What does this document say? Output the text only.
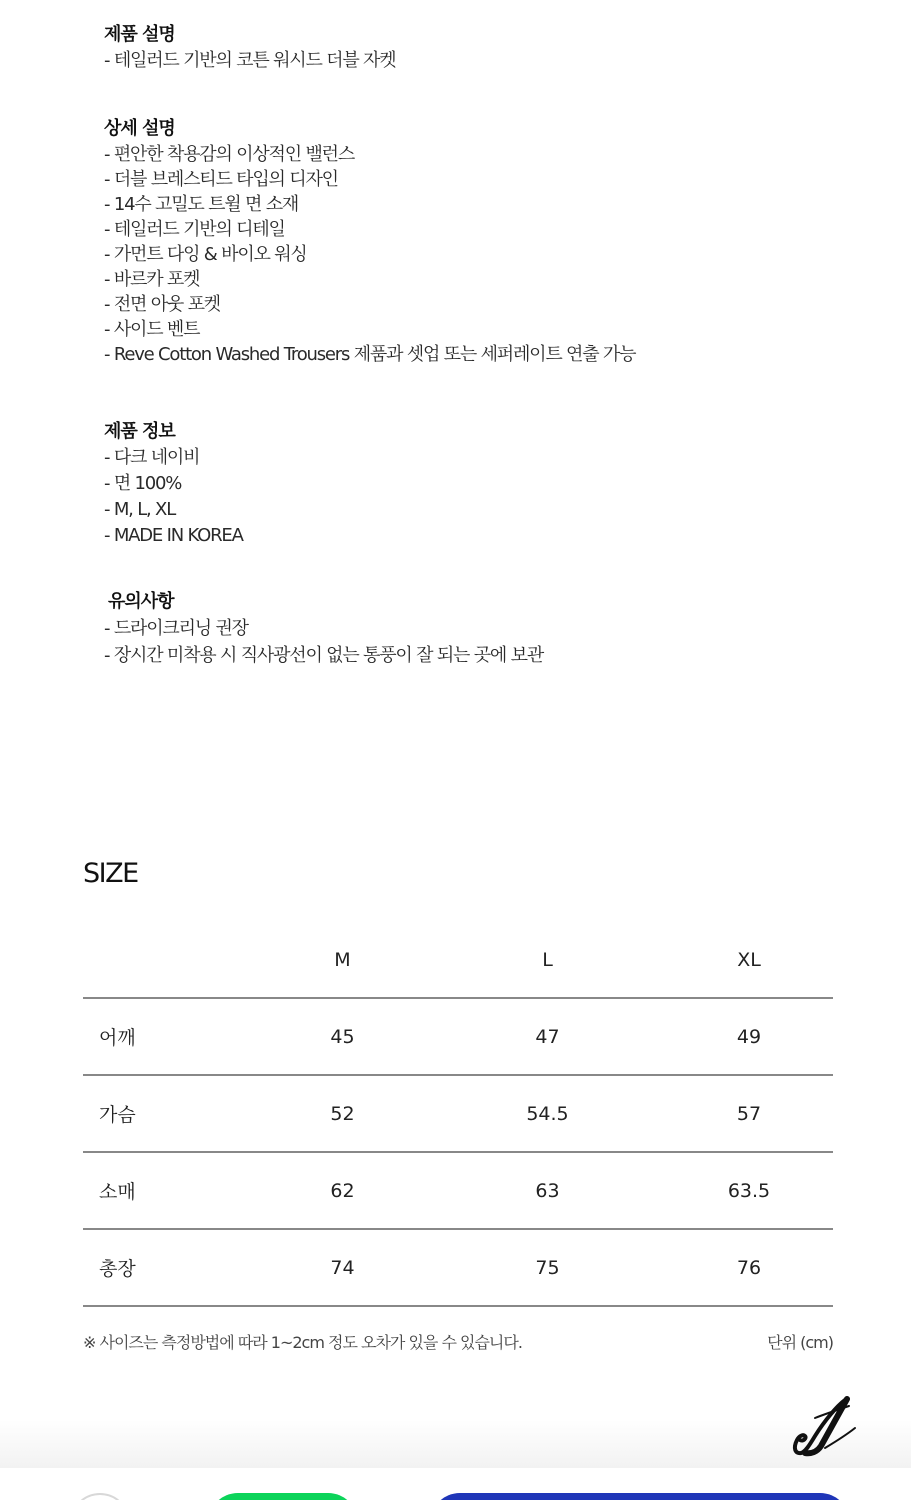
제품 설명
- 테일러드 기반의 코튼 워시드 더블 자켓
상세 설명
- 편안한 착용감의 이상적인 밸런스
- 더블 브레스티드 타입의 디자인
- 14수 고밀도 트윌 면 소재
- 테일러드 기반의 디테일
- 가먼트 다잉 & 바이오 워싱
- 바르카 포켓
- 전면 아웃 포켓
- 사이드 벤트
- Reve Cotton Washed Trousers 제품과 셋업 또는 세퍼레이트 연출 가능
제품 정보
- 다크 네이비
- 면 100%
- M, L, XL
- MADE IN KOREA
유의사항
- 드라이크리닝 권장
- 장시간 미착용 시 직사광선이 없는 통풍이 잘 되는 곳에 보관
SIZE
	M	L	XL
어깨	45	47	49
가슴	52	54.5	57
소매	62	63	63.5
총장	74	75	76
※ 사이즈는 측정방법에 따라 1~2cm 정도 오차가 있을 수 있습니다.	단위 (cm)
